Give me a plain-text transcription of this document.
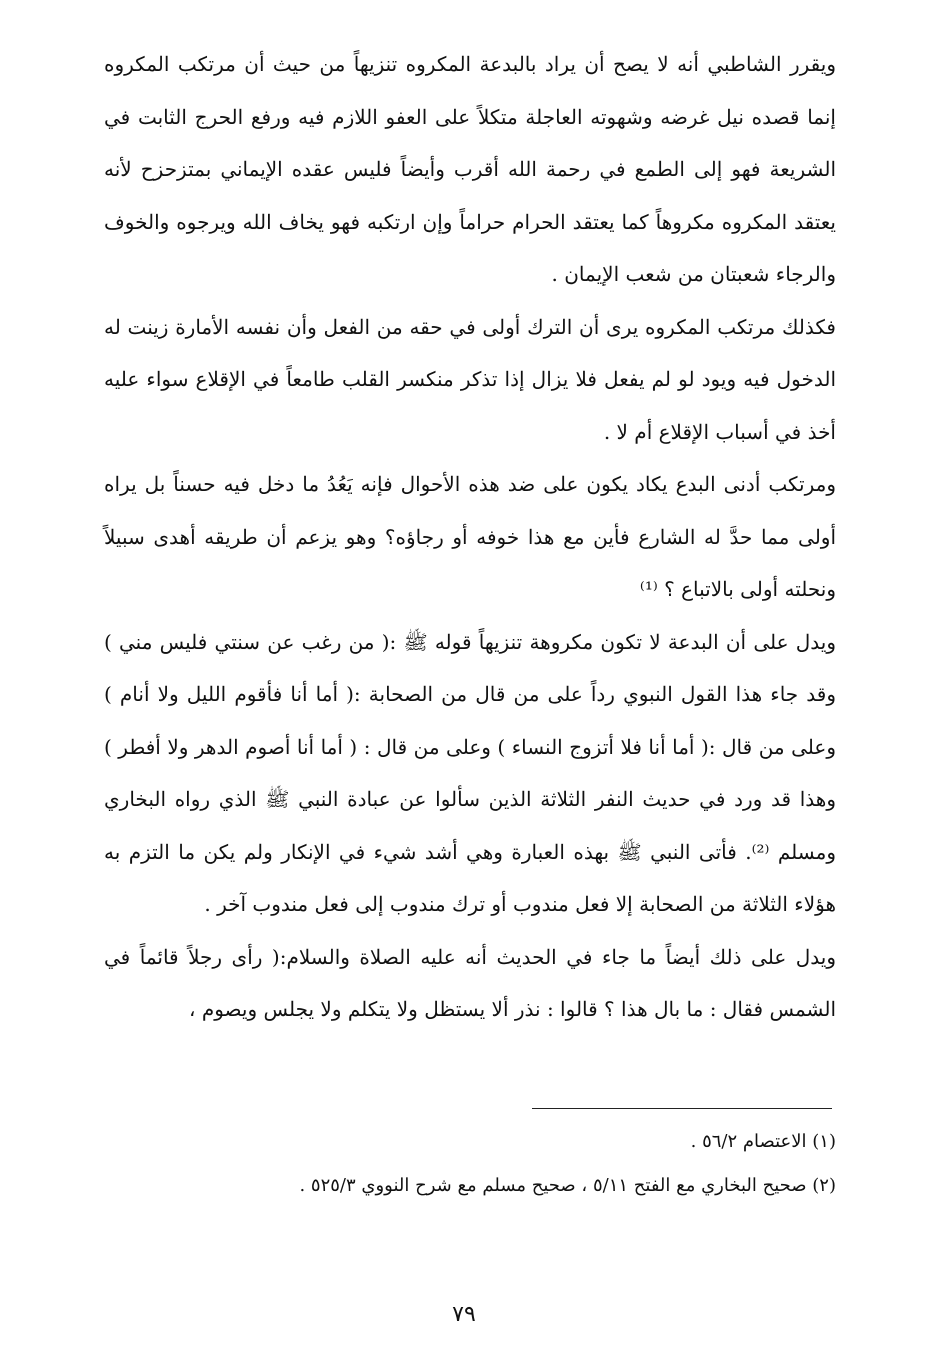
ويقرر الشاطبي أنه لا يصح أن يراد بالبدعة المكروه تنزيهاً من حيث أن مرتكب المكروه إنما قصده نيل غرضه وشهوته العاجلة متكلاً على العفو اللازم فيه ورفع الحرج الثابت في الشريعة فهو إلى الطمع في رحمة الله أقرب وأيضاً فليس عقده الإيماني بمتزحزح لأنه يعتقد المكروه مكروهاً كما يعتقد الحرام حراماً وإن ارتكبه فهو يخاف الله ويرجوه والخوف والرجاء شعبتان من شعب الإيمان .

فكذلك مرتكب المكروه يرى أن الترك أولى في حقه من الفعل وأن نفسه الأمارة زينت له الدخول فيه ويود لو لم يفعل فلا يزال إذا تذكر منكسر القلب طامعاً في الإقلاع سواء عليه أخذ في أسباب الإقلاع أم لا .

ومرتكب أدنى البدع يكاد يكون على ضد هذه الأحوال فإنه يَعُدُ ما دخل فيه حسناً بل يراه أولى مما حدَّ له الشارع فأين مع هذا خوفه أو رجاؤه؟ وهو يزعم أن طريقه أهدى سبيلاً ونحلته أولى بالاتباع ؟ ⁽¹⁾

ويدل على أن البدعة لا تكون مكروهة تنزيهاً قوله ﷺ :( من رغب عن سنتي فليس مني ) وقد جاء هذا القول النبوي رداً على من قال من الصحابة :( أما أنا فأقوم الليل ولا أنام ) وعلى من قال :( أما أنا فلا أتزوج النساء ) وعلى من قال : ( أما أنا أصوم الدهر ولا أفطر ) وهذا قد ورد في حديث النفر الثلاثة الذين سألوا عن عبادة النبي ﷺ الذي رواه البخاري ومسلم ⁽²⁾. فأتى النبي ﷺ بهذه العبارة وهي أشد شيء في الإنكار ولم يكن ما التزم به هؤلاء الثلاثة من الصحابة إلا فعل مندوب أو ترك مندوب إلى فعل مندوب آخر .

ويدل على ذلك أيضاً ما جاء في الحديث أنه عليه الصلاة والسلام:( رأى رجلاً قائماً في الشمس فقال : ما بال هذا ؟ قالوا : نذر ألا يستظل ولا يتكلم ولا يجلس ويصوم ،

(١) الاعتصام ٥٦/٢ .

(٢) صحيح البخاري مع الفتح ٥/١١ ، صحيح مسلم مع شرح النووي ٥٢٥/٣ .

٧٩
